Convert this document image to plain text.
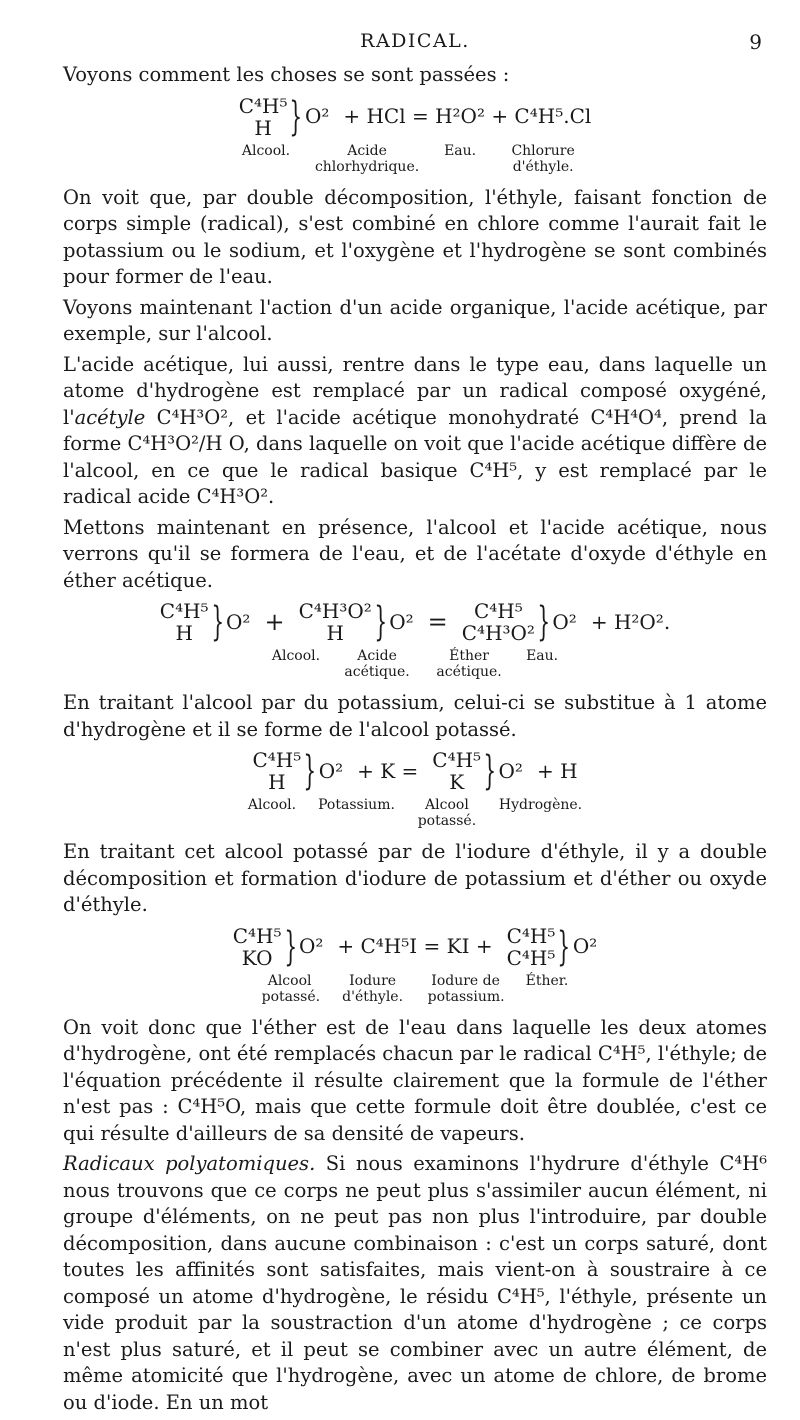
RADICAL.	9

Voyons comment les choses se sont passées :

C⁴H⁵
H } O² + HCl = H²O² + C⁴H⁵.Cl
Alcool.	Acide chlorhydrique.
Eau.	Chlorure d'éthyle.

On voit que, par double décomposition, l'éthyle, faisant fonction de corps simple (radical), s'est combiné en chlore comme l'aurait fait le potassium ou le sodium, et l'oxygène et l'hydrogène se sont combinés pour former de l'eau.

Voyons maintenant l'action d'un acide organique, l'acide acétique, par exemple, sur l'alcool.

L'acide acétique, lui aussi, rentre dans le type eau, dans laquelle un atome d'hydrogène est remplacé par un radical composé oxygéné, l'acétyle C⁴H³O², et l'acide acétique monohydraté C⁴H⁴O⁴, prend la forme C⁴H³O²/H O, dans laquelle on voit que l'acide acétique diffère de l'alcool, en ce que le radical basique C⁴H⁵, y est remplacé par le radical acide C⁴H³O².

Mettons maintenant en présence, l'alcool et l'acide acétique, nous verrons qu'il se formera de l'eau, et de l'acétate d'oxyde d'éthyle en éther acétique.

C⁴H⁵
H } O² + C⁴H³O²
H } O² = C⁴H⁵
C⁴H³O² } O² + H²O².
Alcool.	Acide acétique.
Éther acétique.
Eau.

En traitant l'alcool par du potassium, celui-ci se substitue à 1 atome d'hydrogène et il se forme de l'alcool potassé.

C⁴H⁵
H } O² + K = C⁴H⁵
K } O² + H
Alcool. Potassium.	Alcool potassé.
Hydrogène.

En traitant cet alcool potassé par de l'iodure d'éthyle, il y a double décomposition et formation d'iodure de potassium et d'éther ou oxyde d'éthyle.

C⁴H⁵
KO } O² + C⁴H⁵I = KI + C⁴H⁵
C⁴H⁵ } O²
Alcool potassé.
Iodure d'éthyle.
Iodure de potassium.
Éther.

On voit donc que l'éther est de l'eau dans laquelle les deux atomes d'hydrogène, ont été remplacés chacun par le radical C⁴H⁵, l'éthyle; de l'équation précédente il résulte clairement que la formule de l'éther n'est pas : C⁴H⁵O, mais que cette formule doit être doublée, c'est ce qui résulte d'ailleurs de sa densité de vapeurs.

Radicaux polyatomiques. Si nous examinons l'hydrure d'éthyle C⁴H⁶ nous trouvons que ce corps ne peut plus s'assimiler aucun élément, ni groupe d'éléments, on ne peut pas non plus l'introduire, par double décomposition, dans aucune combinaison : c'est un corps saturé, dont toutes les affinités sont satisfaites, mais vient-on à soustraire à ce composé un atome d'hydrogène, le résidu C⁴H⁵, l'éthyle, présente un vide produit par la soustraction d'un atome d'hydrogène ; ce corps n'est plus saturé, et il peut se combiner avec un autre élément, de même atomicité que l'hydrogène, avec un atome de chlore, de brome ou d'iode. En un mot
